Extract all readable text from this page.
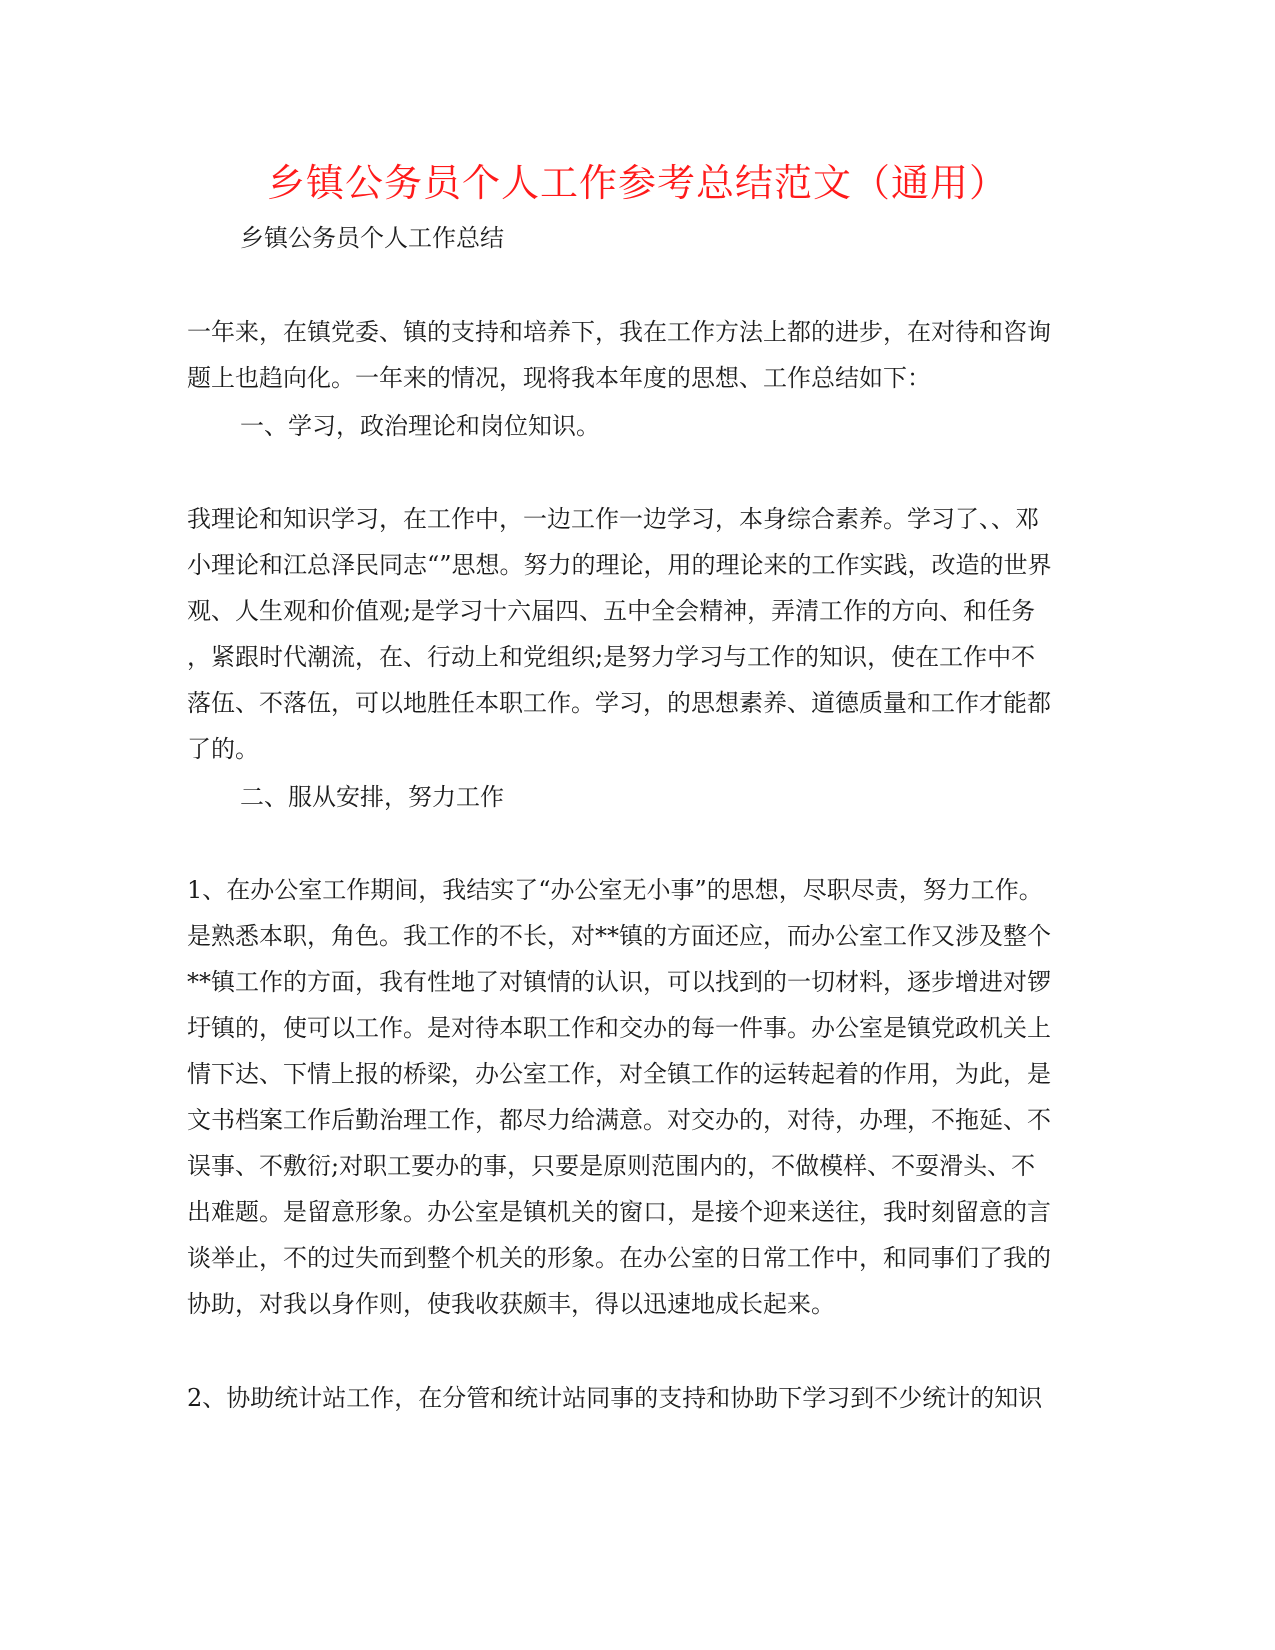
乡镇公务员个人工作参考总结范文（通用）
乡镇公务员个人工作总结
一年来，在镇党委、镇的支持和培养下，我在工作方法上都的进步，在对待和咨询
题上也趋向化。一年来的情况，现将我本年度的思想、工作总结如下：
一、学习，政治理论和岗位知识。
我理论和知识学习，在工作中，一边工作一边学习，本身综合素养。学习了、、邓
小理论和江总泽民同志“”思想。努力的理论，用的理论来的工作实践，改造的世界
观、人生观和价值观;是学习十六届四、五中全会精神，弄清工作的方向、和任务
，紧跟时代潮流，在、行动上和党组织;是努力学习与工作的知识，使在工作中不
落伍、不落伍，可以地胜任本职工作。学习，的思想素养、道德质量和工作才能都
了的。
二、服从安排，努力工作
1、在办公室工作期间，我结实了“办公室无小事”的思想，尽职尽责，努力工作。
是熟悉本职，角色。我工作的不长，对**镇的方面还应，而办公室工作又涉及整个
**镇工作的方面，我有性地了对镇情的认识，可以找到的一切材料，逐步增进对锣
圩镇的，使可以工作。是对待本职工作和交办的每一件事。办公室是镇党政机关上
情下达、下情上报的桥梁，办公室工作，对全镇工作的运转起着的作用，为此，是
文书档案工作后勤治理工作，都尽力给满意。对交办的，对待，办理，不拖延、不
误事、不敷衍;对职工要办的事，只要是原则范围内的，不做模样、不耍滑头、不
出难题。是留意形象。办公室是镇机关的窗口，是接个迎来送往，我时刻留意的言
谈举止，不的过失而到整个机关的形象。在办公室的日常工作中，和同事们了我的
协助，对我以身作则，使我收获颇丰，得以迅速地成长起来。
2、协助统计站工作，在分管和统计站同事的支持和协助下学习到不少统计的知识
